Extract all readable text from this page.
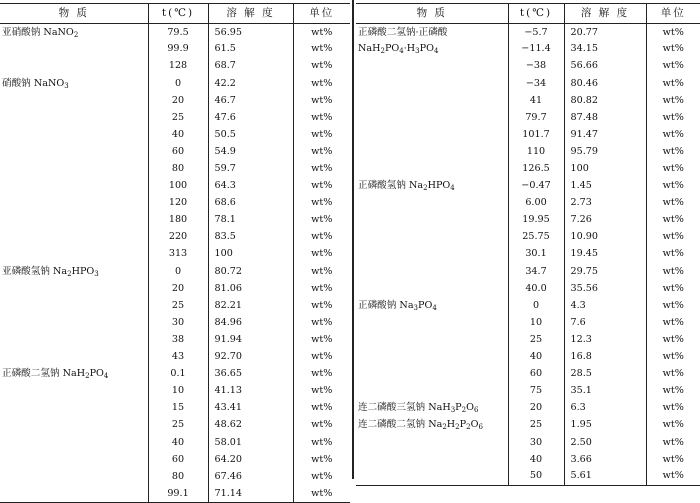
物 质	t(℃)	溶 解 度	单位
亚硝酸钠 NaNO$_2$	79.5	56.95	wt%
	99.9	61.5	wt%
	128	68.7	wt%
硝酸钠 NaNO$_3$	0	42.2	wt%
	20	46.7	wt%
	25	47.6	wt%
	40	50.5	wt%
	60	54.9	wt%
	80	59.7	wt%
	100	64.3	wt%
	120	68.6	wt%
	180	78.1	wt%
	220	83.5	wt%
	313	100	wt%
亚磷酸氢钠 $Na_2HPO_3$	0	80.72	wt%
	20	81.06	wt%
	25	82.21	wt%
	30	84.96	wt%
	38	91.94	wt%
	43	92.70	wt%
正磷酸二氢钠 $NaH_2PO_4$	0.1	36.65	wt%
	10	41.13	wt%
	15	43.41	wt%
	25	48.62	wt%
	40	58.01	wt%
	60	64.20	wt%
	80	67.46	wt%
	99.1	71.14	wt%
物 质	t(℃)	溶 解 度	单位
正磷酸二氢钠·正磷酸	−5.7	20.77	wt%
$NaH_2PO_4\cdot H_3PO_4$	−11.4	34.15	wt%
	−38	56.66	wt%
	−34	80.46	wt%
	41	80.82	wt%
	79.7	87.48	wt%
	101.7	91.47	wt%
	110	95.79	wt%
	126.5	100	wt%
正磷酸氢钠 $Na_2HPO_4$	−0.47	1.45	wt%
	6.00	2.73	wt%
	19.95	7.26	wt%
	25.75	10.90	wt%
	30.1	19.45	wt%
	34.7	29.75	wt%
	40.0	35.56	wt%
正磷酸钠 $Na_3PO_4$	0	4.3	wt%
	10	7.6	wt%
	25	12.3	wt%
	40	16.8	wt%
	60	28.5	wt%
	75	35.1	wt%
连二磷酸三氢钠 $NaH_3P_2O_6$	20	6.3	wt%
连二磷酸二氢钠 $Na_2H_2P_2O_6$	25	1.95	wt%
	30	2.50	wt%
	40	3.66	wt%
	50	5.61	wt%
